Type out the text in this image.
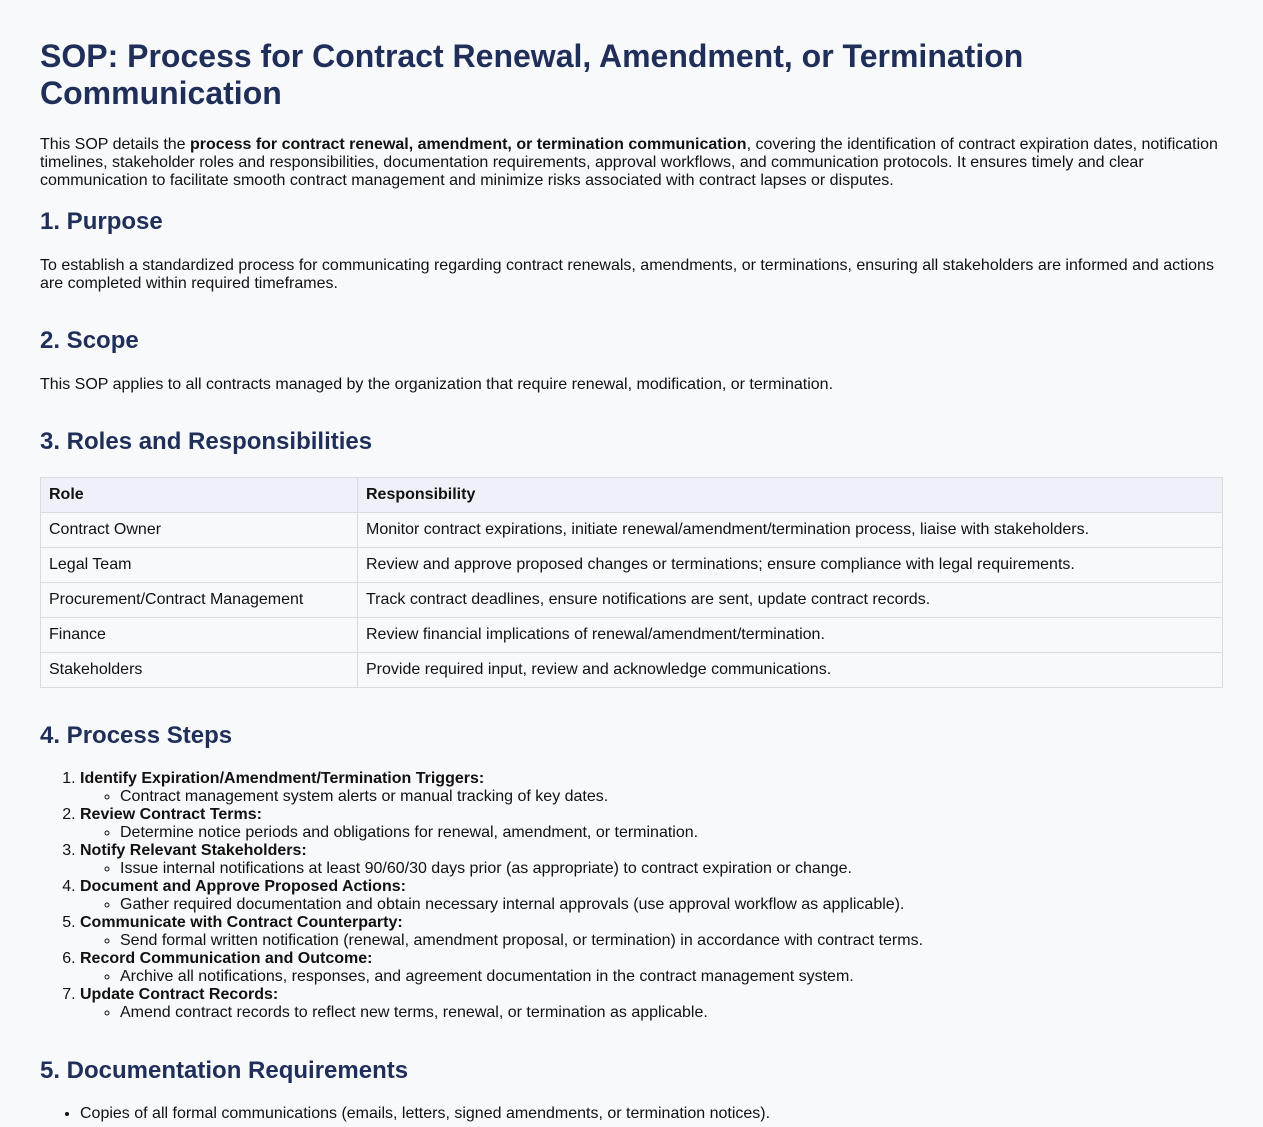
SOP: Process for Contract Renewal, Amendment, or Termination Communication

This SOP details the process for contract renewal, amendment, or termination communication, covering the identification of contract expiration dates, notification timelines, stakeholder roles and responsibilities, documentation requirements, approval workflows, and communication protocols. It ensures timely and clear communication to facilitate smooth contract management and minimize risks associated with contract lapses or disputes.

1. Purpose

To establish a standardized process for communicating regarding contract renewals, amendments, or terminations, ensuring all stakeholders are informed and actions are completed within required timeframes.

2. Scope

This SOP applies to all contracts managed by the organization that require renewal, modification, or termination.

3. Roles and Responsibilities
Role	Responsibility
Contract Owner	Monitor contract expirations, initiate renewal/amendment/termination process, liaise with stakeholders.
Legal Team	Review and approve proposed changes or terminations; ensure compliance with legal requirements.
Procurement/Contract Management	Track contract deadlines, ensure notifications are sent, update contract records.
Finance	Review financial implications of renewal/amendment/termination.
Stakeholders	Provide required input, review and acknowledge communications.
4. Process Steps
1. Identify Expiration/Amendment/Termination Triggers:
◦ Contract management system alerts or manual tracking of key dates.
2. Review Contract Terms:
◦ Determine notice periods and obligations for renewal, amendment, or termination.
3. Notify Relevant Stakeholders:
◦ Issue internal notifications at least 90/60/30 days prior (as appropriate) to contract expiration or change.
4. Document and Approve Proposed Actions:
◦ Gather required documentation and obtain necessary internal approvals (use approval workflow as applicable).
5. Communicate with Contract Counterparty:
◦ Send formal written notification (renewal, amendment proposal, or termination) in accordance with contract terms.
6. Record Communication and Outcome:
◦ Archive all notifications, responses, and agreement documentation in the contract management system.
7. Update Contract Records:
◦ Amend contract records to reflect new terms, renewal, or termination as applicable.
5. Documentation Requirements
• Copies of all formal communications (emails, letters, signed amendments, or termination notices).
